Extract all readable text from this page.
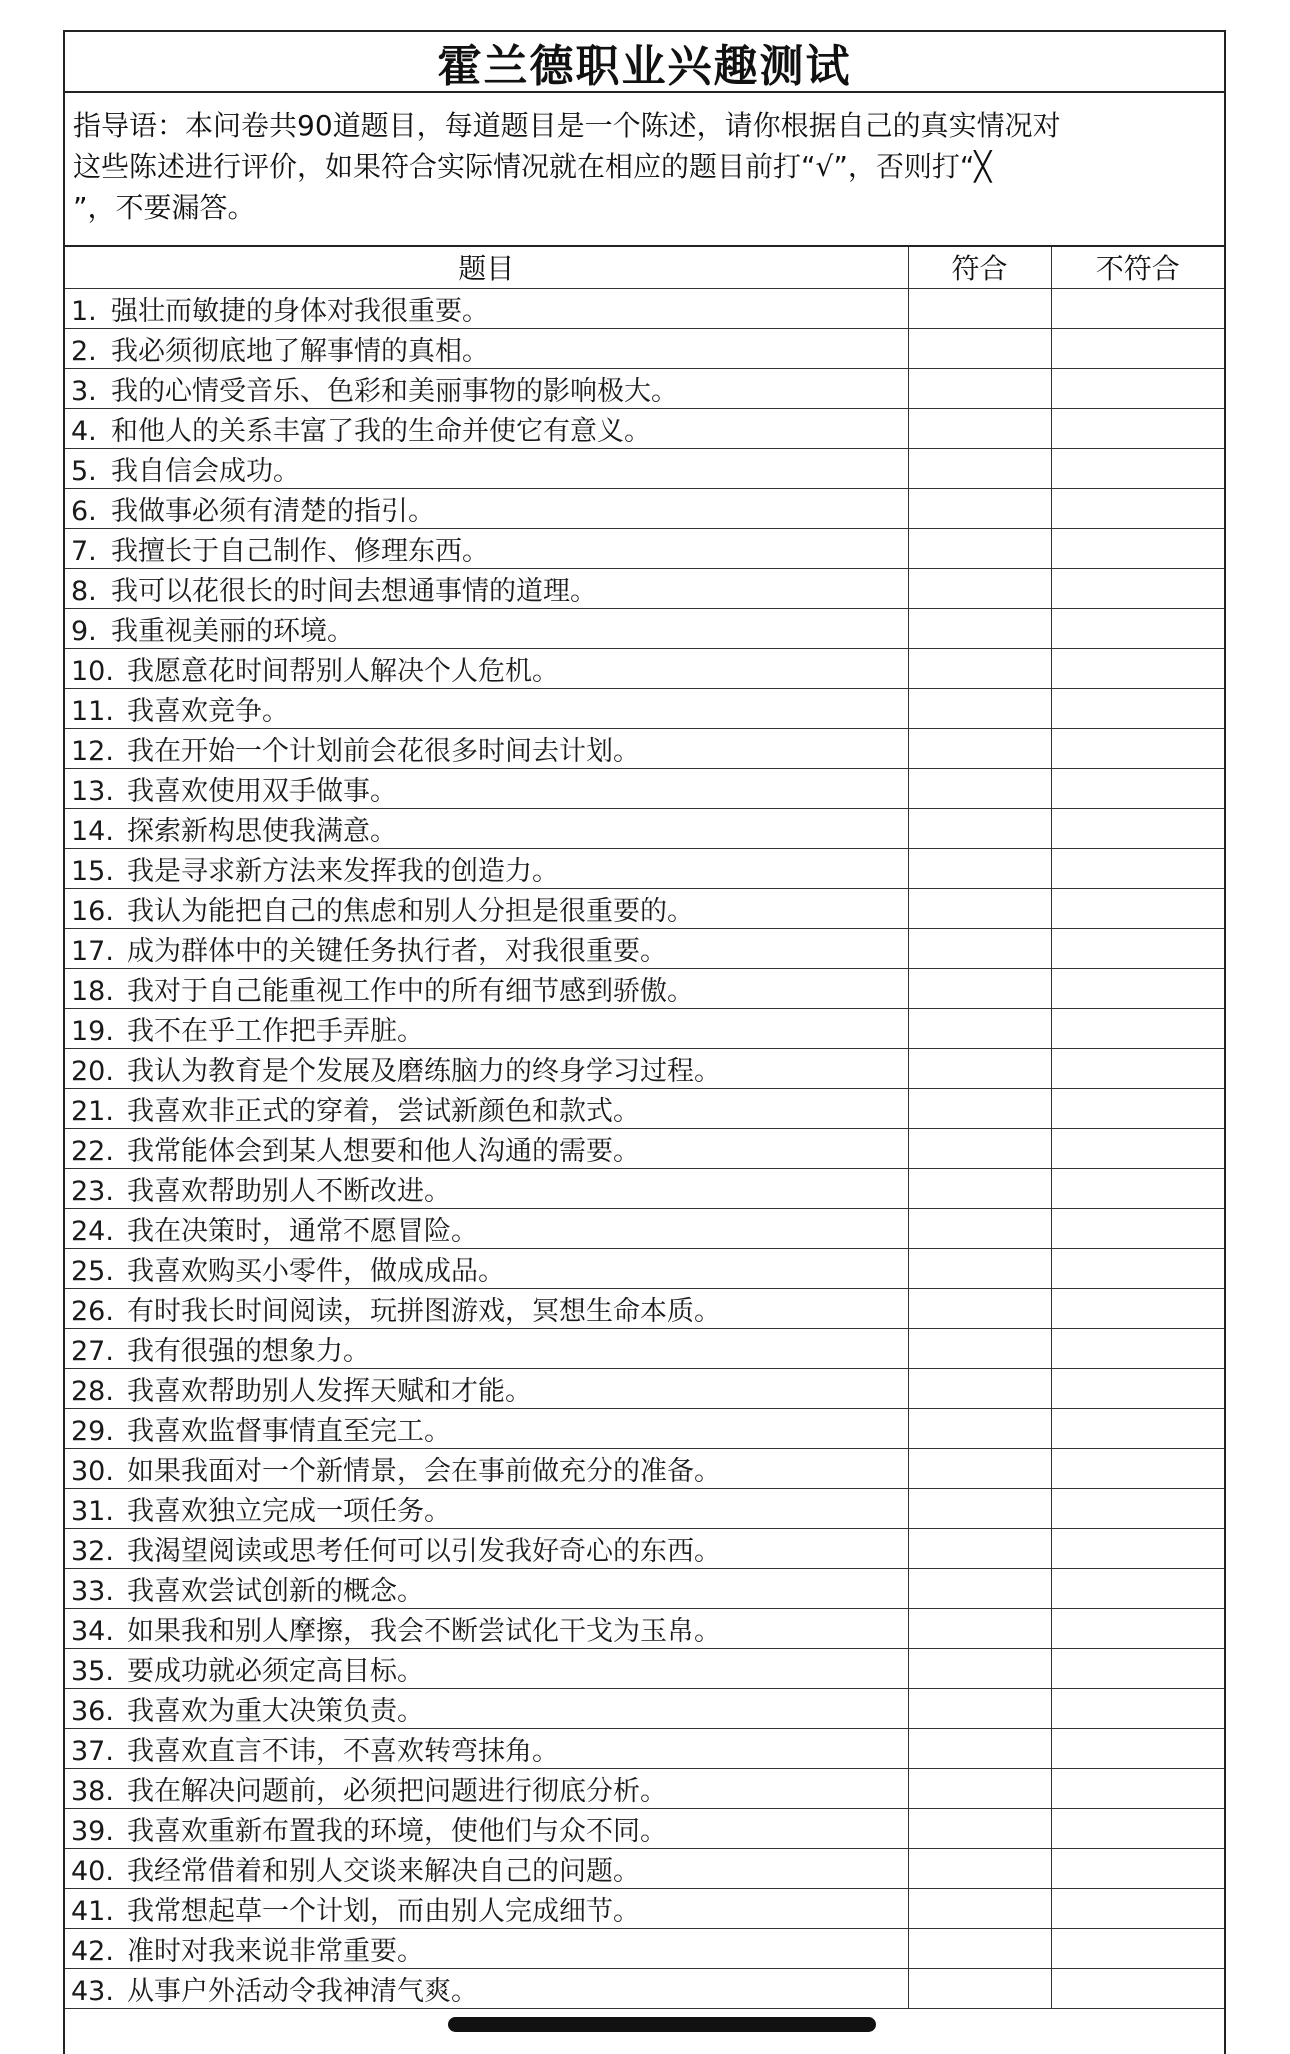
霍兰德职业兴趣测试
指导语：本问卷共90道题目，每道题目是一个陈述，请你根据自己的真实情况对
这些陈述进行评价，如果符合实际情况就在相应的题目前打“√”，否则打“╳
”，不要漏答。
题目	符合	不符合
1. 强壮而敏捷的身体对我很重要。		
2. 我必须彻底地了解事情的真相。		
3. 我的心情受音乐、色彩和美丽事物的影响极大。		
4. 和他人的关系丰富了我的生命并使它有意义。		
5. 我自信会成功。		
6. 我做事必须有清楚的指引。		
7. 我擅长于自己制作、修理东西。		
8. 我可以花很长的时间去想通事情的道理。		
9. 我重视美丽的环境。		
10. 我愿意花时间帮别人解决个人危机。		
11. 我喜欢竞争。		
12. 我在开始一个计划前会花很多时间去计划。		
13. 我喜欢使用双手做事。		
14. 探索新构思使我满意。		
15. 我是寻求新方法来发挥我的创造力。		
16. 我认为能把自己的焦虑和别人分担是很重要的。		
17. 成为群体中的关键任务执行者，对我很重要。		
18. 我对于自己能重视工作中的所有细节感到骄傲。		
19. 我不在乎工作把手弄脏。		
20. 我认为教育是个发展及磨练脑力的终身学习过程。		
21. 我喜欢非正式的穿着，尝试新颜色和款式。		
22. 我常能体会到某人想要和他人沟通的需要。		
23. 我喜欢帮助别人不断改进。		
24. 我在决策时，通常不愿冒险。		
25. 我喜欢购买小零件，做成成品。		
26. 有时我长时间阅读，玩拼图游戏，冥想生命本质。		
27. 我有很强的想象力。		
28. 我喜欢帮助别人发挥天赋和才能。		
29. 我喜欢监督事情直至完工。		
30. 如果我面对一个新情景，会在事前做充分的准备。		
31. 我喜欢独立完成一项任务。		
32. 我渴望阅读或思考任何可以引发我好奇心的东西。		
33. 我喜欢尝试创新的概念。		
34. 如果我和别人摩擦，我会不断尝试化干戈为玉帛。		
35. 要成功就必须定高目标。		
36. 我喜欢为重大决策负责。		
37. 我喜欢直言不讳，不喜欢转弯抹角。		
38. 我在解决问题前，必须把问题进行彻底分析。		
39. 我喜欢重新布置我的环境，使他们与众不同。		
40. 我经常借着和别人交谈来解决自己的问题。		
41. 我常想起草一个计划，而由别人完成细节。		
42. 准时对我来说非常重要。		
43. 从事户外活动令我神清气爽。		
